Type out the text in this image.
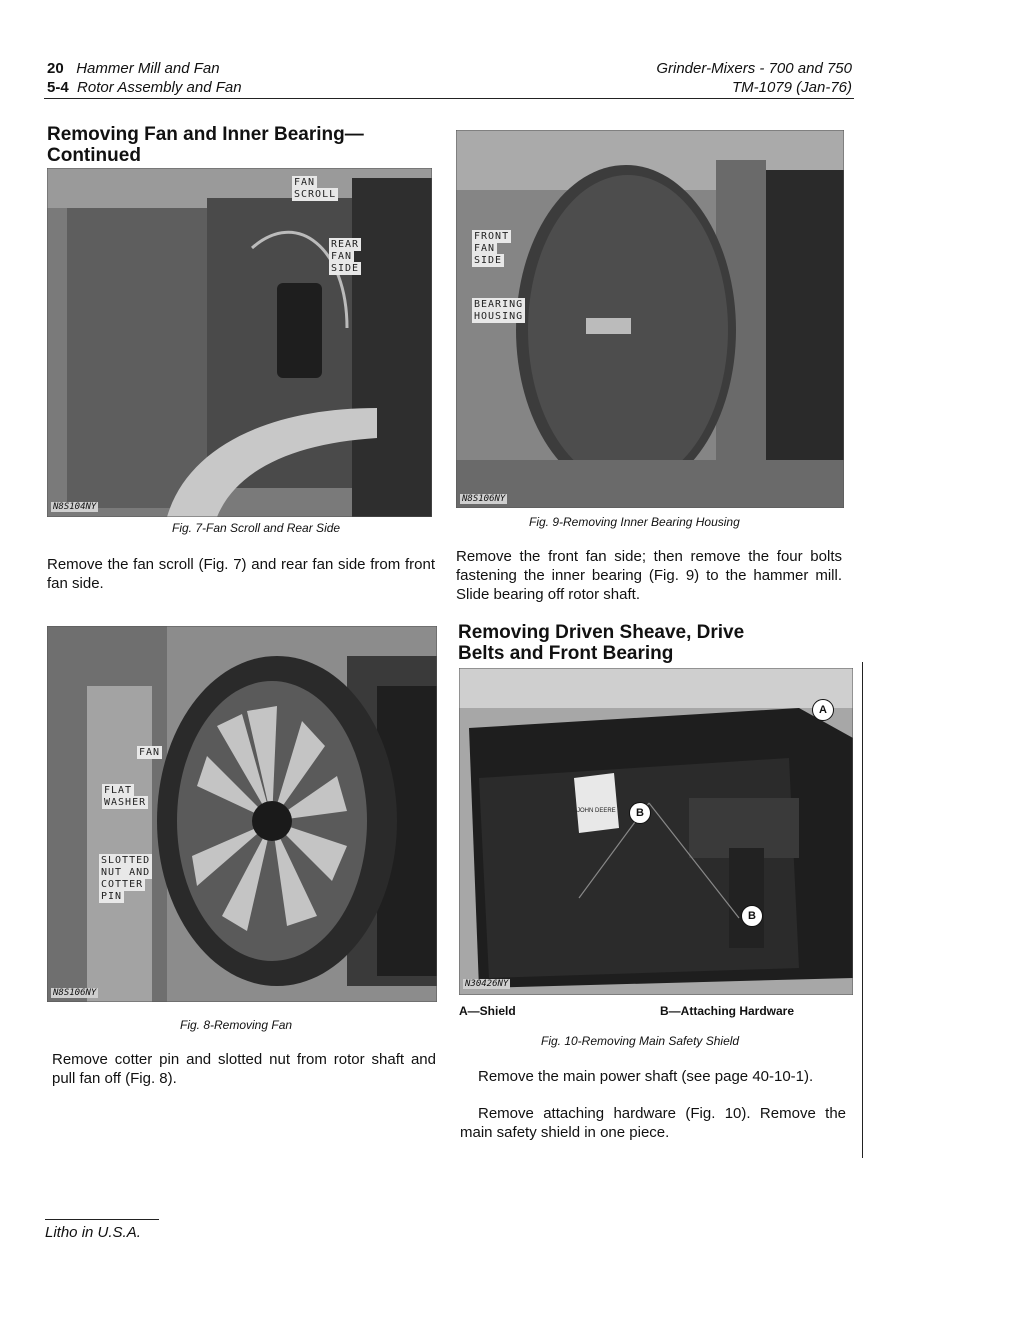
20 Hammer Mill and Fan
5-4 Rotor Assembly and Fan
Grinder-Mixers - 700 and 750
TM-1079 (Jan-76)
Removing Fan and Inner Bearing—
Continued
FAN
SCROLL
REAR
FAN
SIDE
N8S104NY
Fig. 7-Fan Scroll and Rear Side
Remove the fan scroll (Fig. 7) and rear fan side from front fan side.
FAN
FLAT
WASHER
SLOTTED
NUT AND
COTTER
PIN
N8S106NY
Fig. 8-Removing Fan
Remove cotter pin and slotted nut from rotor shaft and pull fan off (Fig. 8).
FRONT
FAN
SIDE
BEARING
HOUSING
N8S106NY
Fig. 9-Removing Inner Bearing Housing
Remove the front fan side; then remove the four bolts fastening the inner bearing (Fig. 9) to the hammer mill. Slide bearing off rotor shaft.
Removing Driven Sheave, Drive
Belts and Front Bearing
JOHN DEERE
A
B
B
N30426NY
A—Shield	B—Attaching Hardware
Fig. 10-Removing Main Safety Shield
Remove the main power shaft (see page 40-10-1).
Remove attaching hardware (Fig. 10). Remove the main safety shield in one piece.
Litho in U.S.A.
